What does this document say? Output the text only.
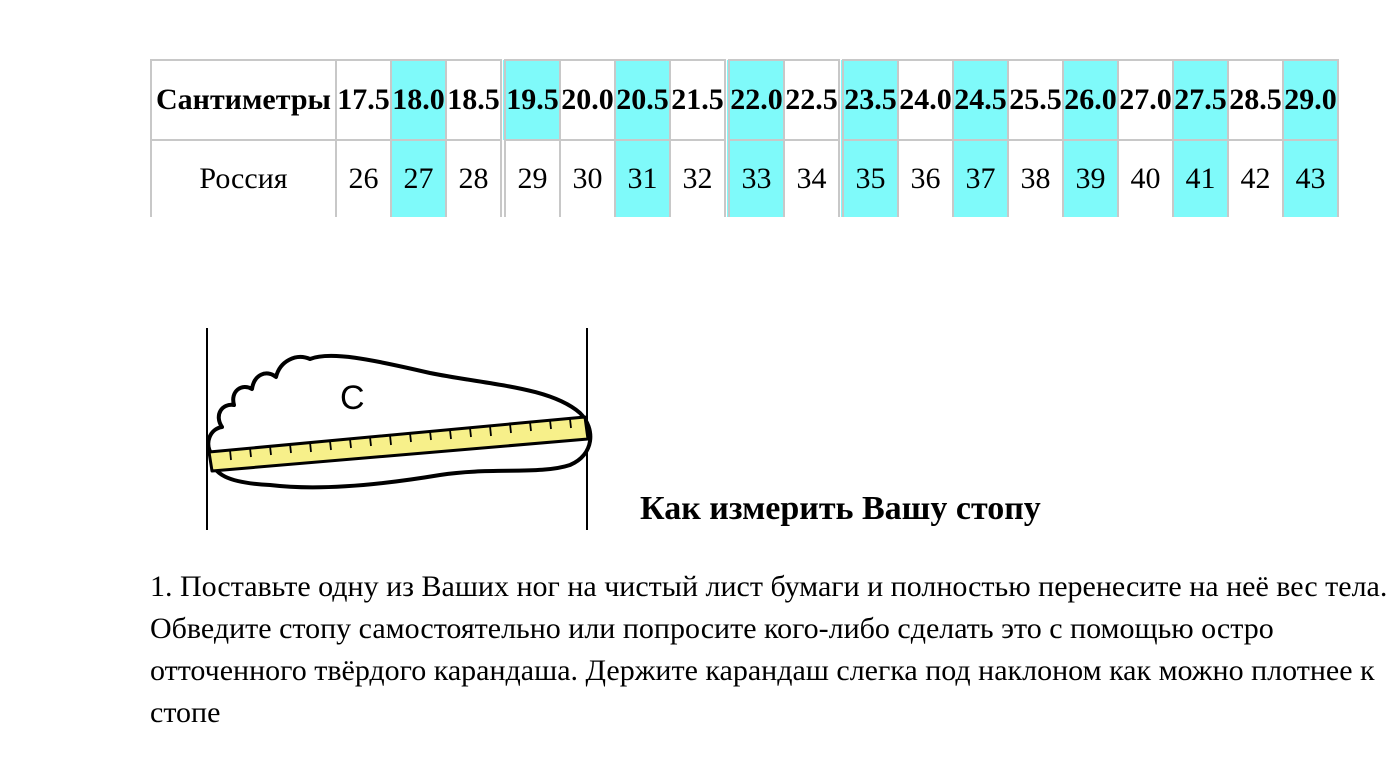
Сантиметры	17.5	18.0	18.5	19.5	20.0	20.5	21.5	22.0	22.5	23.5	24.0	24.5	25.5	26.0	27.0	27.5	28.5	29.0
Россия	26	27	28	29	30	31	32	33	34	35	36	37	38	39	40	41	42	43
C
Как измерить Вашу стопу

1. Поставьте одну из Ваших ног на чистый лист бумаги и полностью перенесите на неё вес тела. Обведите стопу самостоятельно или попросите кого-либо сделать это с помощью остро отточенного твёрдого карандаша. Держите карандаш слегка под наклоном как можно плотнее к стопе
